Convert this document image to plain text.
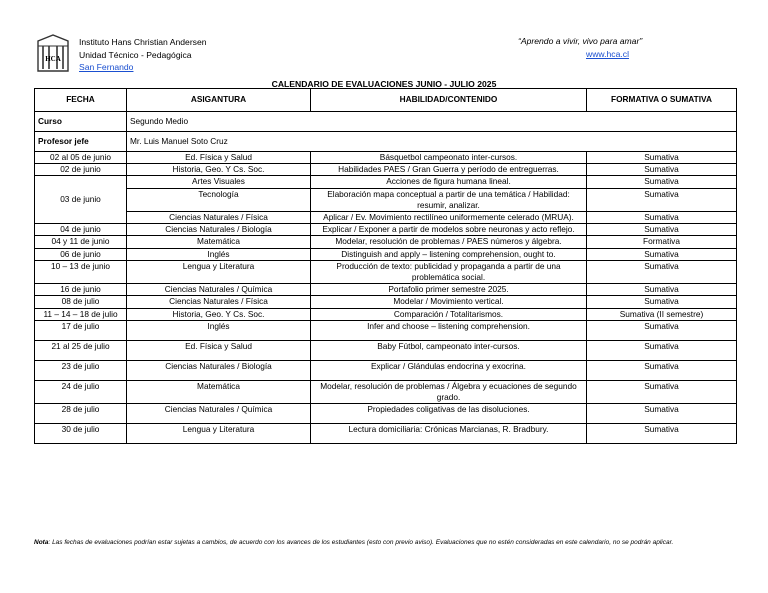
HCA
Instituto Hans Christian Andersen
Unidad Técnico - Pedagógica
San Fernando
“Aprendo a vivir, vivo para amar”
www.hca.cl
CALENDARIO DE EVALUACIONES JUNIO - JULIO 2025
Curso	Segundo Medio		
Profesor jefe	Mr. Luis Manuel Soto Cruz		
FECHA	ASIGANTURA	HABILIDAD/CONTENIDO	FORMATIVA O SUMATIVA
02 al 05 de junio	Ed. Física y Salud	Básquetbol campeonato inter-cursos.	Sumativa
02 de junio	Historia, Geo. Y Cs. Soc.	Habilidades PAES / Gran Guerra y período de entreguerras.	Sumativa
03 de junio	Artes Visuales	Acciones de figura humana lineal.	Sumativa
	Tecnología	Elaboración mapa conceptual a partir de una temática / Habilidad: resumir, analizar.	Sumativa
	Ciencias Naturales / Física	Aplicar / Ev. Movimiento rectilíneo uniformemente celerado (MRUA).	Sumativa
04 de junio	Ciencias Naturales / Biología	Explicar / Exponer a partir de modelos sobre neuronas y acto reflejo.	Sumativa
04 y 11 de junio	Matemática	Modelar, resolución de problemas / PAES números y álgebra.	Formativa
06 de junio	Inglés	Distinguish and apply – listening comprehension, ought to.	Sumativa
10 – 13 de junio	Lengua y Literatura	Producción de texto: publicidad y propaganda a partir de una problemática social.	Sumativa
16 de junio	Ciencias Naturales / Química	Portafolio primer semestre 2025.	Sumativa
08 de julio	Ciencias Naturales / Física	Modelar / Movimiento vertical.	Sumativa
11 – 14 – 18 de julio	Historia, Geo. Y Cs. Soc.	Comparación / Totalitarismos.	Sumativa (II semestre)
17 de julio	Inglés	Infer and choose – listening comprehension.	Sumativa
21 al 25 de julio	Ed. Física y Salud	Baby Fútbol, campeonato inter-cursos.	Sumativa
23 de julio	Ciencias Naturales / Biología	Explicar / Glándulas endocrina y exocrina.	Sumativa
24 de julio	Matemática	Modelar, resolución de problemas / Álgebra y ecuaciones de segundo grado.	Sumativa
28 de julio	Ciencias Naturales / Química	Propiedades coligativas de las disoluciones.	Sumativa
30 de julio	Lengua y Literatura	Lectura domiciliaria: Crónicas Marcianas, R. Bradbury.	Sumativa
Nota: Las fechas de evaluaciones podrían estar sujetas a cambios, de acuerdo con los avances de los estudiantes (esto con previo aviso). Evaluaciones que no estén consideradas en este calendario, no se podrán aplicar.
